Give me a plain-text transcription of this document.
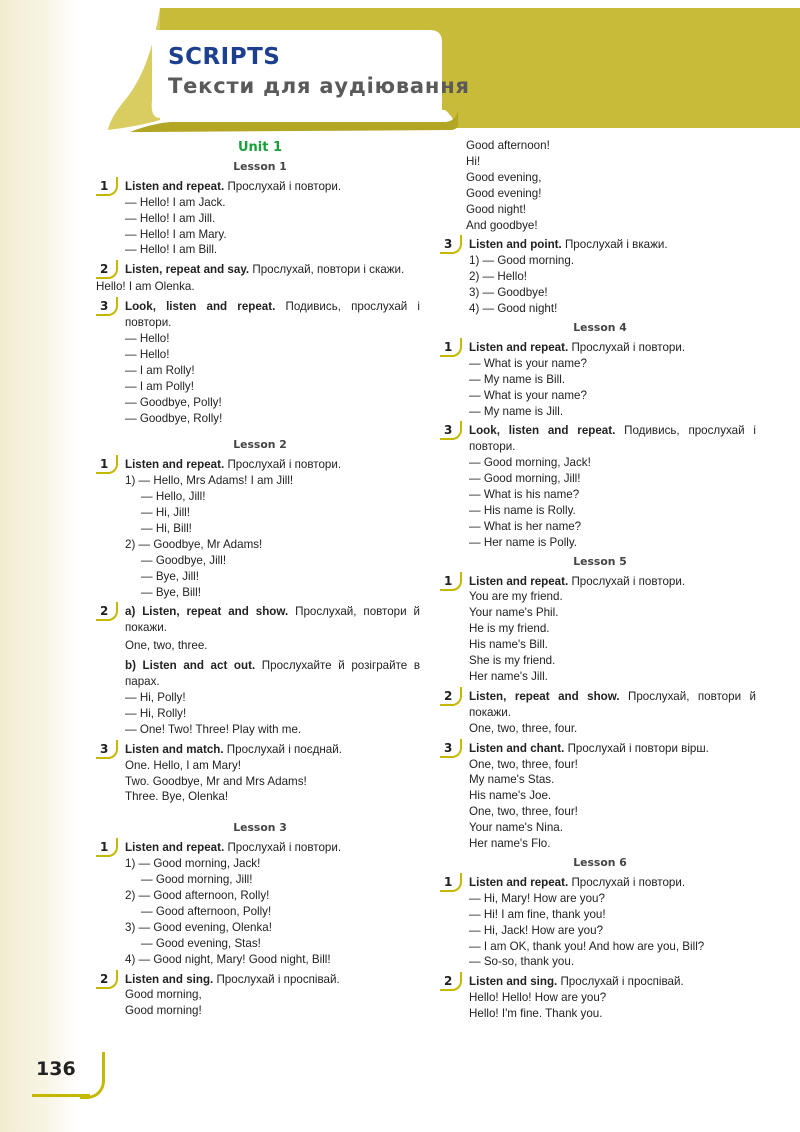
SCRIPTS
Тексти для аудіювання
Unit 1
Lesson 1
1 Listen and repeat. Прослухай і повтори.
— Hello! I am Jack.
— Hello! I am Jill.
— Hello! I am Mary.
— Hello! I am Bill.
2 Listen, repeat and say. Прослухай, повтори і скажи.
Hello! I am Olenka.
3 Look, listen and repeat. Подивись, прослухай і повтори.
— Hello!
— Hello!
— I am Rolly!
— I am Polly!
— Goodbye, Polly!
— Goodbye, Rolly!
Lesson 2
1 Listen and repeat. Прослухай і повтори.
1) — Hello, Mrs Adams! I am Jill!
— Hello, Jill!
— Hi, Jill!
— Hi, Bill!
2) — Goodbye, Mr Adams!
— Goodbye, Jill!
— Bye, Jill!
— Bye, Bill!
2 a) Listen, repeat and show. Прослухай, повтори й покажи.
One, two, three.
b) Listen and act out. Прослухайте й розіграйте в парах.
— Hi, Polly!
— Hi, Rolly!
— One! Two! Three! Play with me.
3 Listen and match. Прослухай і поєднай.
One. Hello, I am Mary!
Two. Goodbye, Mr and Mrs Adams!
Three. Bye, Olenka!
Lesson 3
1 Listen and repeat. Прослухай і повтори.
1) — Good morning, Jack!
— Good morning, Jill!
2) — Good afternoon, Rolly!
— Good afternoon, Polly!
3) — Good evening, Olenka!
— Good evening, Stas!
4) — Good night, Mary! Good night, Bill!
2 Listen and sing. Прослухай і проспівай.
Good morning,
Good morning!
Good afternoon!
Hi!
Good evening,
Good evening!
Good night!
And goodbye!
3 Listen and point. Прослухай і вкажи.
1) — Good morning.
2) — Hello!
3) — Goodbye!
4) — Good night!
Lesson 4
1 Listen and repeat. Прослухай і повтори.
— What is your name?
— My name is Bill.
— What is your name?
— My name is Jill.
3 Look, listen and repeat. Подивись, прослухай і повтори.
— Good morning, Jack!
— Good morning, Jill!
— What is his name?
— His name is Rolly.
— What is her name?
— Her name is Polly.
Lesson 5
1 Listen and repeat. Прослухай і повтори.
You are my friend.
Your name's Phil.
He is my friend.
His name's Bill.
She is my friend.
Her name's Jill.
2 Listen, repeat and show. Прослухай, повтори й покажи.
One, two, three, four.
3 Listen and chant. Прослухай і повтори вірш.
One, two, three, four!
My name's Stas.
His name's Joe.
One, two, three, four!
Your name's Nina.
Her name's Flo.
Lesson 6
1 Listen and repeat. Прослухай і повтори.
— Hi, Mary! How are you?
— Hi! I am fine, thank you!
— Hi, Jack! How are you?
— I am OK, thank you! And how are you, Bill?
— So-so, thank you.
2 Listen and sing. Прослухай і проспівай.
Hello! Hello! How are you?
Hello! I'm fine. Thank you.
136
